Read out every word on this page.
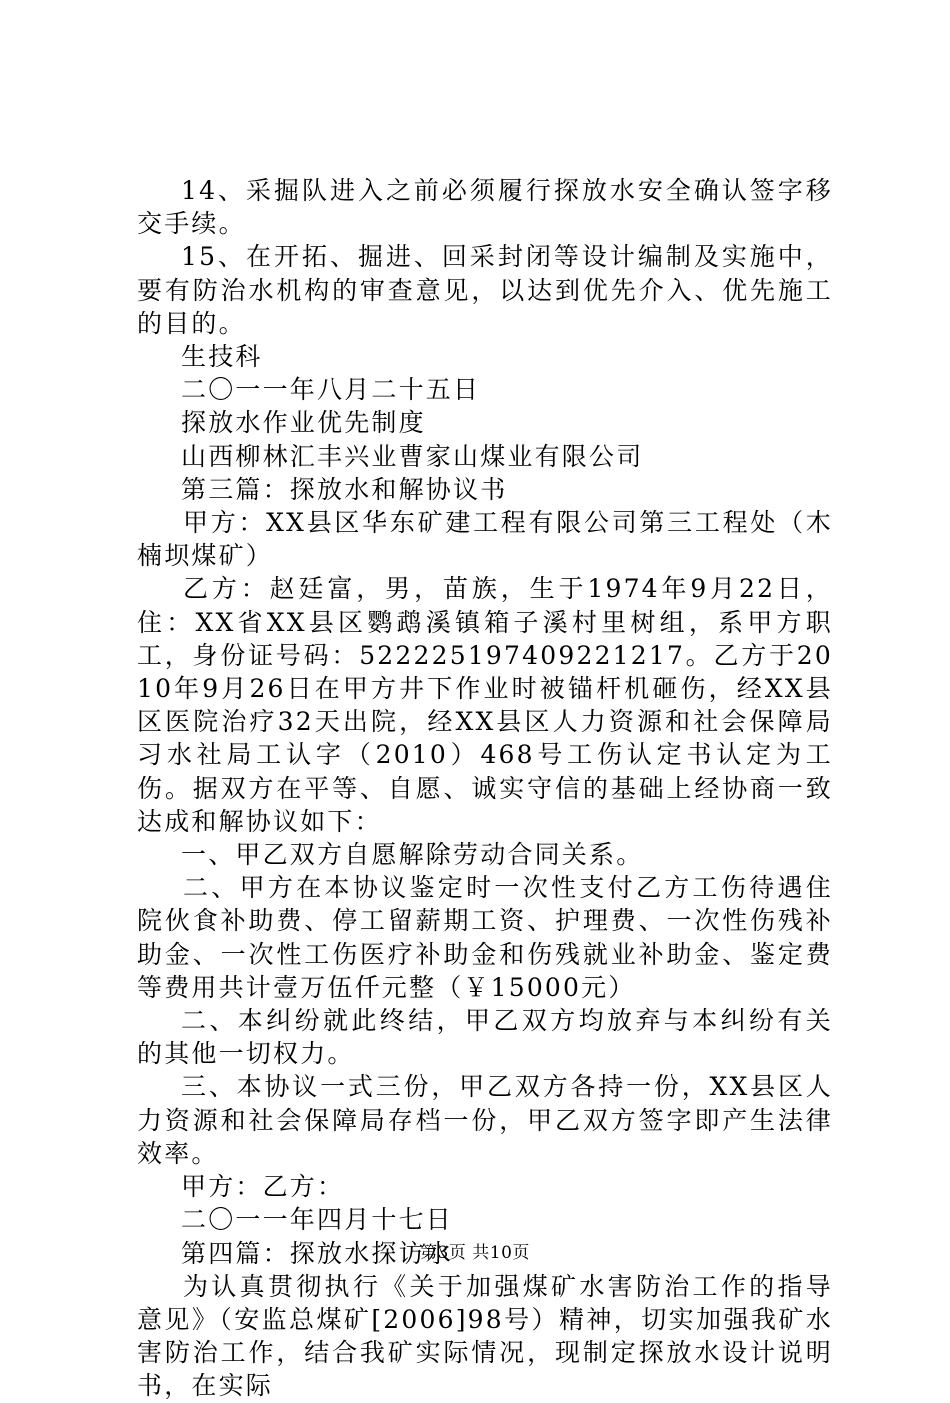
14、采掘队进入之前必须履行探放水安全确认签字移交手续。

15、在开拓、掘进、回采封闭等设计编制及实施中，要有防治水机构的审查意见，以达到优先介入、优先施工的目的。

生技科

二〇一一年八月二十五日

探放水作业优先制度

山西柳林汇丰兴业曹家山煤业有限公司

第三篇：探放水和解协议书

甲方：XX县区华东矿建工程有限公司第三工程处（木楠坝煤矿）

乙方：赵廷富，男，苗族，生于1974年9月22日，住：XX省XX县区鹦鹉溪镇箱子溪村里树组，系甲方职工，身份证号码：522225197409221217。乙方于2010年9月26日在甲方井下作业时被锚杆机砸伤，经XX县区医院治疗32天出院，经XX县区人力资源和社会保障局习水社局工认字（2010）468号工伤认定书认定为工伤。据双方在平等、自愿、诚实守信的基础上经协商一致达成和解协议如下：

一、甲乙双方自愿解除劳动合同关系。

二、甲方在本协议鉴定时一次性支付乙方工伤待遇住院伙食补助费、停工留薪期工资、护理费、一次性伤残补助金、一次性工伤医疗补助金和伤残就业补助金、鉴定费等费用共计壹万伍仟元整（￥15000元）

二、本纠纷就此终结，甲乙双方均放弃与本纠纷有关的其他一切权力。

三、本协议一式三份，甲乙双方各持一份，XX县区人力资源和社会保障局存档一份，甲乙双方签字即产生法律效率。

甲方：乙方：

二〇一一年四月十七日

第四篇：探放水探访水

为认真贯彻执行《关于加强煤矿水害防治工作的指导意见》（安监总煤矿[2006]98号）精神，切实加强我矿水害防治工作，结合我矿实际情况，现制定探放水设计说明书，在实际

第3页 共10页
